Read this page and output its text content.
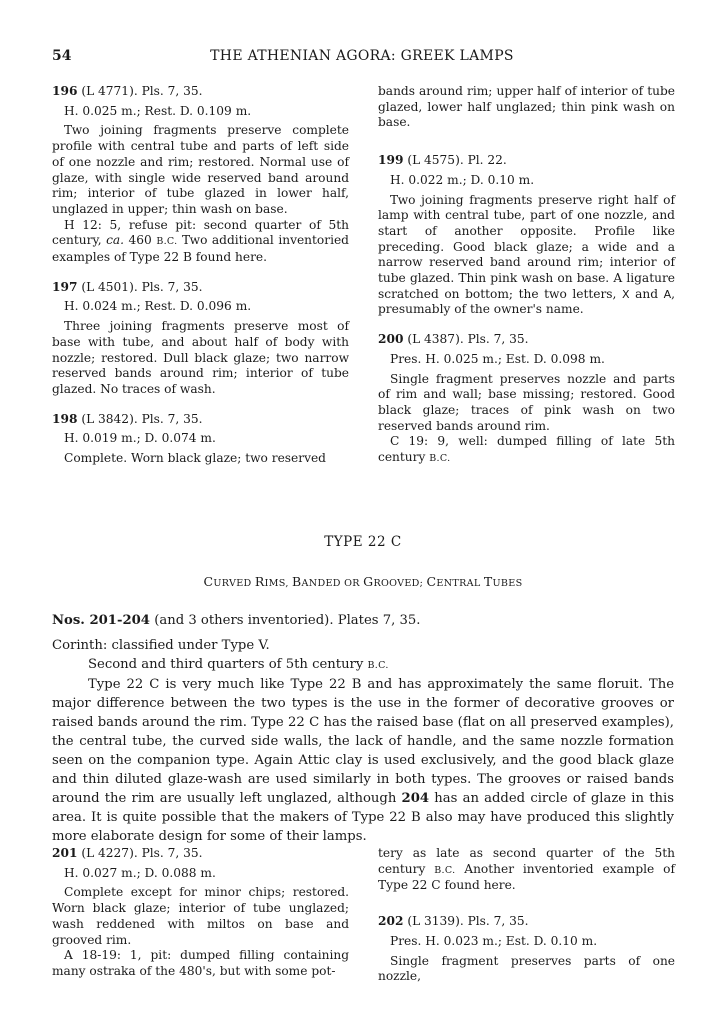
54	THE ATHENIAN AGORA: GREEK LAMPS

196 (L 4771). Pls. 7, 35.

H. 0.025 m.; Rest. D. 0.109 m.

Two joining fragments preserve complete profile with central tube and parts of left side of one nozzle and rim; restored. Normal use of glaze, with single wide reserved band around rim; interior of tube glazed in lower half, unglazed in upper; thin wash on base.

H 12: 5, refuse pit: second quarter of 5th century, ca. 460 B.C. Two additional inventoried examples of Type 22 B found here.

197 (L 4501). Pls. 7, 35.

H. 0.024 m.; Rest. D. 0.096 m.

Three joining fragments preserve most of base with tube, and about half of body with nozzle; restored. Dull black glaze; two narrow reserved bands around rim; interior of tube glazed. No traces of wash.

198 (L 3842). Pls. 7, 35.

H. 0.019 m.; D. 0.074 m.

Complete. Worn black glaze; two reserved

bands around rim; upper half of interior of tube glazed, lower half unglazed; thin pink wash on base.

199 (L 4575). Pl. 22.

H. 0.022 m.; D. 0.10 m.

Two joining fragments preserve right half of lamp with central tube, part of one nozzle, and start of another opposite. Profile like preceding. Good black glaze; a wide and a narrow reserved band around rim; interior of tube glazed. Thin pink wash on base. A ligature scratched on bottom; the two letters, X and A, presumably of the owner's name.

200 (L 4387). Pls. 7, 35.

Pres. H. 0.025 m.; Est. D. 0.098 m.

Single fragment preserves nozzle and parts of rim and wall; base missing; restored. Good black glaze; traces of pink wash on two reserved bands around rim.

C 19: 9, well: dumped filling of late 5th century B.C.

TYPE 22 C
CURVED RIMS, BANDED OR GROOVED; CENTRAL TUBES

Nos. 201-204 (and 3 others inventoried). Plates 7, 35.

Corinth: classified under Type V.

Second and third quarters of 5th century B.C.

Type 22 C is very much like Type 22 B and has approximately the same floruit. The major difference between the two types is the use in the former of decorative grooves or raised bands around the rim. Type 22 C has the raised base (flat on all preserved examples), the central tube, the curved side walls, the lack of handle, and the same nozzle formation seen on the companion type. Again Attic clay is used exclusively, and the good black glaze and thin diluted glaze-wash are used similarly in both types. The grooves or raised bands around the rim are usually left unglazed, although 204 has an added circle of glaze in this area. It is quite possible that the makers of Type 22 B also may have produced this slightly more elaborate design for some of their lamps.

201 (L 4227). Pls. 7, 35.

H. 0.027 m.; D. 0.088 m.

Complete except for minor chips; restored. Worn black glaze; interior of tube unglazed; wash reddened with miltos on base and grooved rim.

A 18-19: 1, pit: dumped filling containing many ostraka of the 480's, but with some pot-

tery as late as second quarter of the 5th century B.C. Another inventoried example of Type 22 C found here.

202 (L 3139). Pls. 7, 35.

Pres. H. 0.023 m.; Est. D. 0.10 m.

Single fragment preserves parts of one nozzle,
